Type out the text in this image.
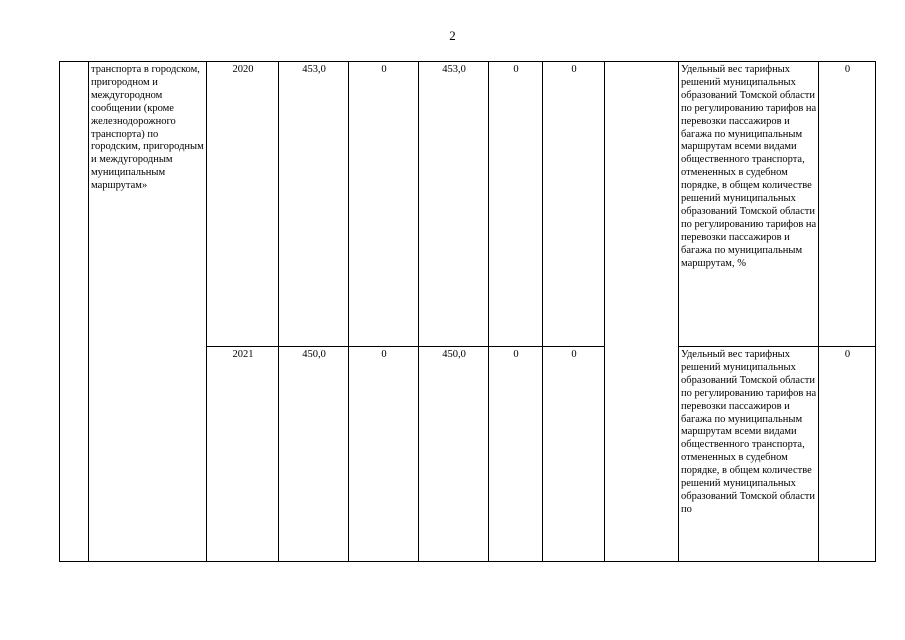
2
	транспорта в городском, пригородном и междугородном сообщении (кроме железнодорожного транспорта) по городским, пригородным и междугородным муниципальным маршрутам»	2020	453,0	0	453,0	0	0		Удельный вес тарифных решений муниципальных образований Томской области по регулированию тарифов на перевозки пассажиров и багажа по муниципальным маршрутам всеми видами общественного транспорта, отмененных в судебном порядке, в общем количестве решений муниципальных образований Томской области по регулированию тарифов на перевозки пассажиров и багажа по муниципальным маршрутам, %	0
		2021	450,0	0	450,0	0	0		Удельный вес тарифных решений муниципальных образований Томской области по регулированию тарифов на перевозки пассажиров и багажа по муниципальным маршрутам всеми видами общественного транспорта, отмененных в судебном порядке, в общем количестве решений муниципальных образований Томской области по	0
